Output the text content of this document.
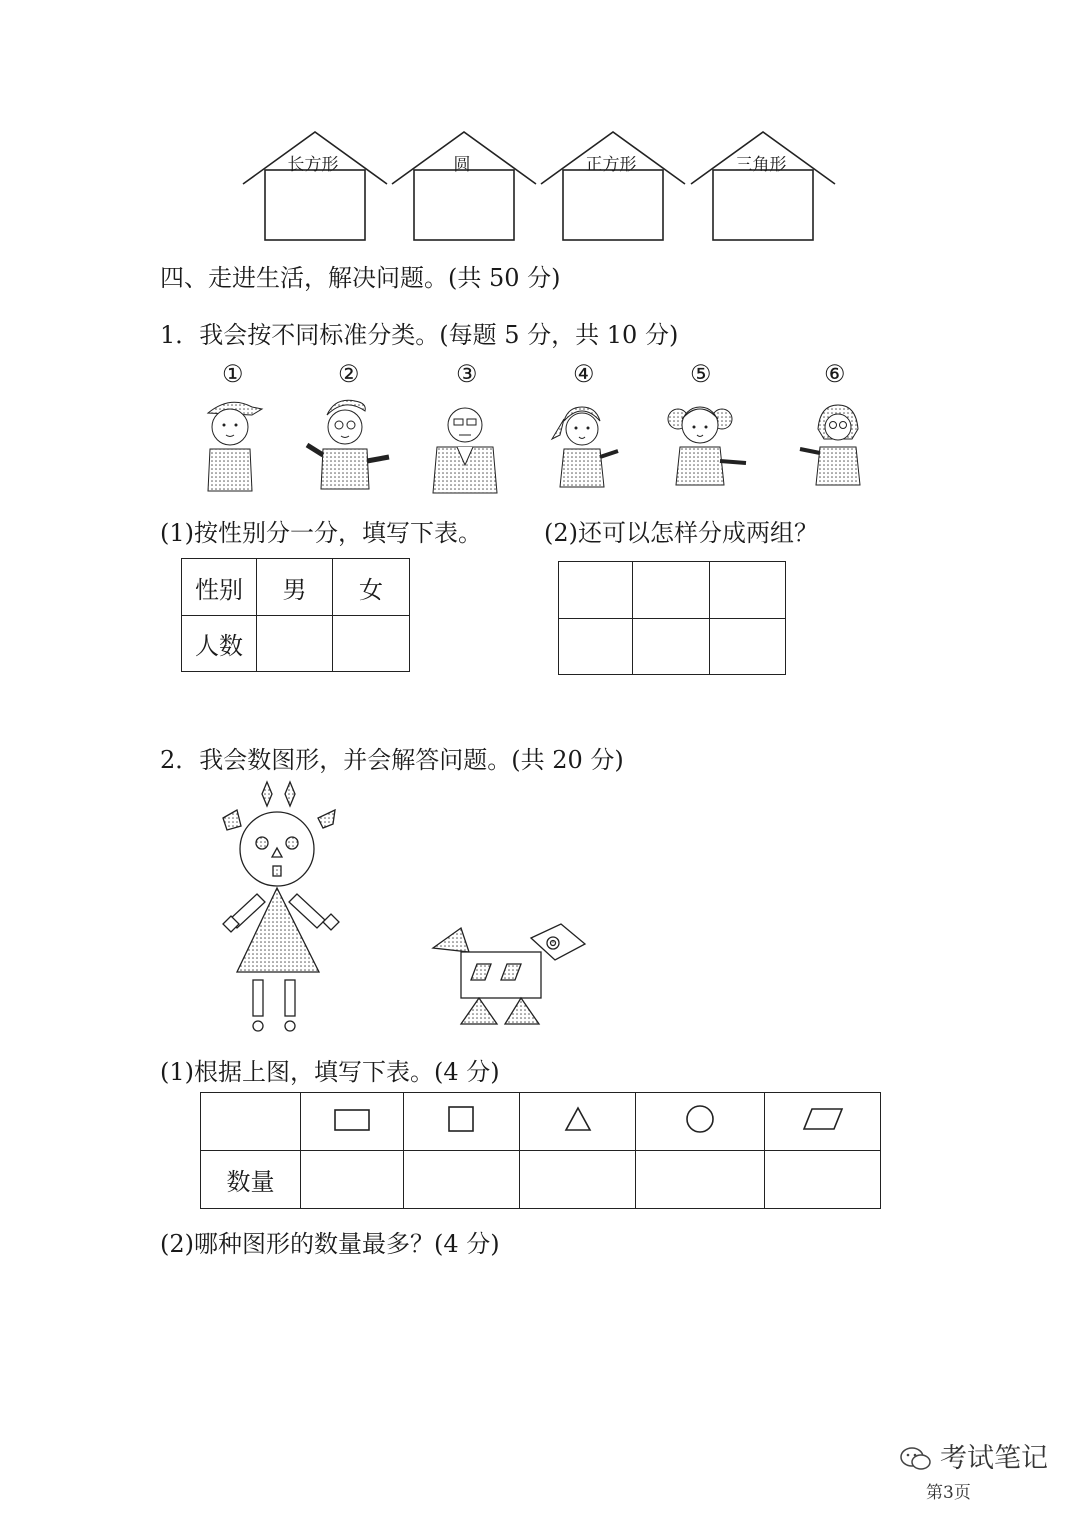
长方形	圆	正方形	三角形
四、走进生活，解决问题。(共 50 分)
1．我会按不同标准分类。(每题 5 分，共 10 分)
①	②	③	④	⑤	⑥
(1)按性别分一分，填写下表。	(2)还可以怎样分成两组？
性别	男	女
人数		

2．我会数图形，并会解答问题。(共 20 分)
(1)根据上图，填写下表。(4 分)

数量					
(2)哪种图形的数量最多？(4 分)
考试笔记
第3页
